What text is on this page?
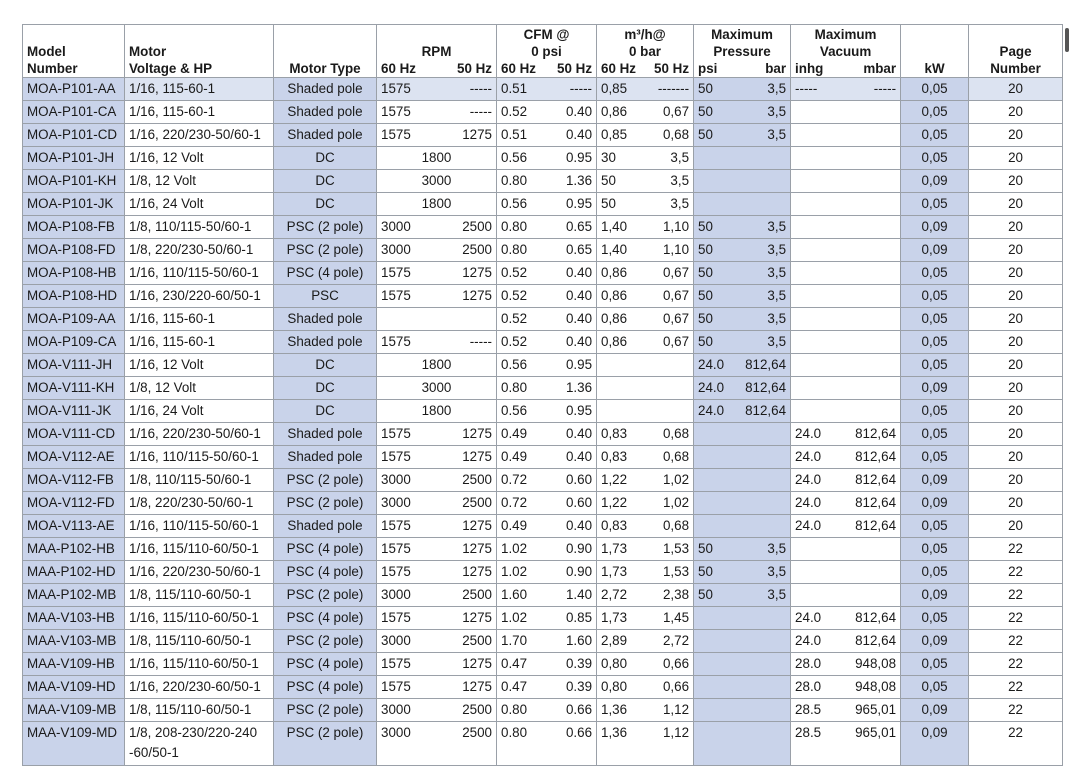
					CFM @		m³/h@		Maximum		Maximum			
Model	Motor		RPM		0 psi		0 bar		Pressure		Vacuum			Page
Number	Voltage & HP	Motor Type	60 Hz	50 Hz	60 Hz	50 Hz	60 Hz	50 Hz	psi	bar	inhg	mbar	kW	Number
MOA-P101-AA	1/16, 115-60-1	Shaded pole	1575	-----	0.51	-----	0,85	-------	50	3,5	-----	-----	0,05	20
MOA-P101-CA	1/16, 115-60-1	Shaded pole	1575	-----	0.52	0.40	0,86	0,67	50	3,5			0,05	20
MOA-P101-CD	1/16, 220/230-50/60-1	Shaded pole	1575	1275	0.51	0.40	0,85	0,68	50	3,5			0,05	20
MOA-P101-JH	1/16, 12 Volt	DC	1800		0.56	0.95	30	3,5					0,05	20
MOA-P101-KH	1/8, 12 Volt	DC	3000		0.80	1.36	50	3,5					0,09	20
MOA-P101-JK	1/16, 24 Volt	DC	1800		0.56	0.95	50	3,5					0,05	20
MOA-P108-FB	1/8, 110/115-50/60-1	PSC (2 pole)	3000	2500	0.80	0.65	1,40	1,10	50	3,5			0,09	20
MOA-P108-FD	1/8, 220/230-50/60-1	PSC (2 pole)	3000	2500	0.80	0.65	1,40	1,10	50	3,5			0,09	20
MOA-P108-HB	1/16, 110/115-50/60-1	PSC (4 pole)	1575	1275	0.52	0.40	0,86	0,67	50	3,5			0,05	20
MOA-P108-HD	1/16, 230/220-60/50-1	PSC	1575	1275	0.52	0.40	0,86	0,67	50	3,5			0,05	20
MOA-P109-AA	1/16, 115-60-1	Shaded pole			0.52	0.40	0,86	0,67	50	3,5			0,05	20
MOA-P109-CA	1/16, 115-60-1	Shaded pole	1575	-----	0.52	0.40	0,86	0,67	50	3,5			0,05	20
MOA-V111-JH	1/16, 12 Volt	DC	1800		0.56	0.95			24.0	812,64			0,05	20
MOA-V111-KH	1/8, 12 Volt	DC	3000		0.80	1.36			24.0	812,64			0,09	20
MOA-V111-JK	1/16, 24 Volt	DC	1800		0.56	0.95			24.0	812,64			0,05	20
MOA-V111-CD	1/16, 220/230-50/60-1	Shaded pole	1575	1275	0.49	0.40	0,83	0,68			24.0	812,64	0,05	20
MOA-V112-AE	1/16, 110/115-50/60-1	Shaded pole	1575	1275	0.49	0.40	0,83	0,68			24.0	812,64	0,05	20
MOA-V112-FB	1/8, 110/115-50/60-1	PSC (2 pole)	3000	2500	0.72	0.60	1,22	1,02			24.0	812,64	0,09	20
MOA-V112-FD	1/8, 220/230-50/60-1	PSC (2 pole)	3000	2500	0.72	0.60	1,22	1,02			24.0	812,64	0,09	20
MOA-V113-AE	1/16, 110/115-50/60-1	Shaded pole	1575	1275	0.49	0.40	0,83	0,68			24.0	812,64	0,05	20
MAA-P102-HB	1/16, 115/110-60/50-1	PSC (4 pole)	1575	1275	1.02	0.90	1,73	1,53	50	3,5			0,05	22
MAA-P102-HD	1/16, 220/230-50/60-1	PSC (4 pole)	1575	1275	1.02	0.90	1,73	1,53	50	3,5			0,05	22
MAA-P102-MB	1/8, 115/110-60/50-1	PSC (2 pole)	3000	2500	1.60	1.40	2,72	2,38	50	3,5			0,09	22
MAA-V103-HB	1/16, 115/110-60/50-1	PSC (4 pole)	1575	1275	1.02	0.85	1,73	1,45			24.0	812,64	0,05	22
MAA-V103-MB	1/8, 115/110-60/50-1	PSC (2 pole)	3000	2500	1.70	1.60	2,89	2,72			24.0	812,64	0,09	22
MAA-V109-HB	1/16, 115/110-60/50-1	PSC (4 pole)	1575	1275	0.47	0.39	0,80	0,66			28.0	948,08	0,05	22
MAA-V109-HD	1/16, 220/230-60/50-1	PSC (4 pole)	1575	1275	0.47	0.39	0,80	0,66			28.0	948,08	0,05	22
MAA-V109-MB	1/8, 115/110-60/50-1	PSC (2 pole)	3000	2500	0.80	0.66	1,36	1,12			28.5	965,01	0,09	22
MAA-V109-MD	1/8, 208-230/220-240 -60/50-1	PSC (2 pole)	3000	2500	0.80	0.66	1,36	1,12			28.5	965,01	0,09	22
